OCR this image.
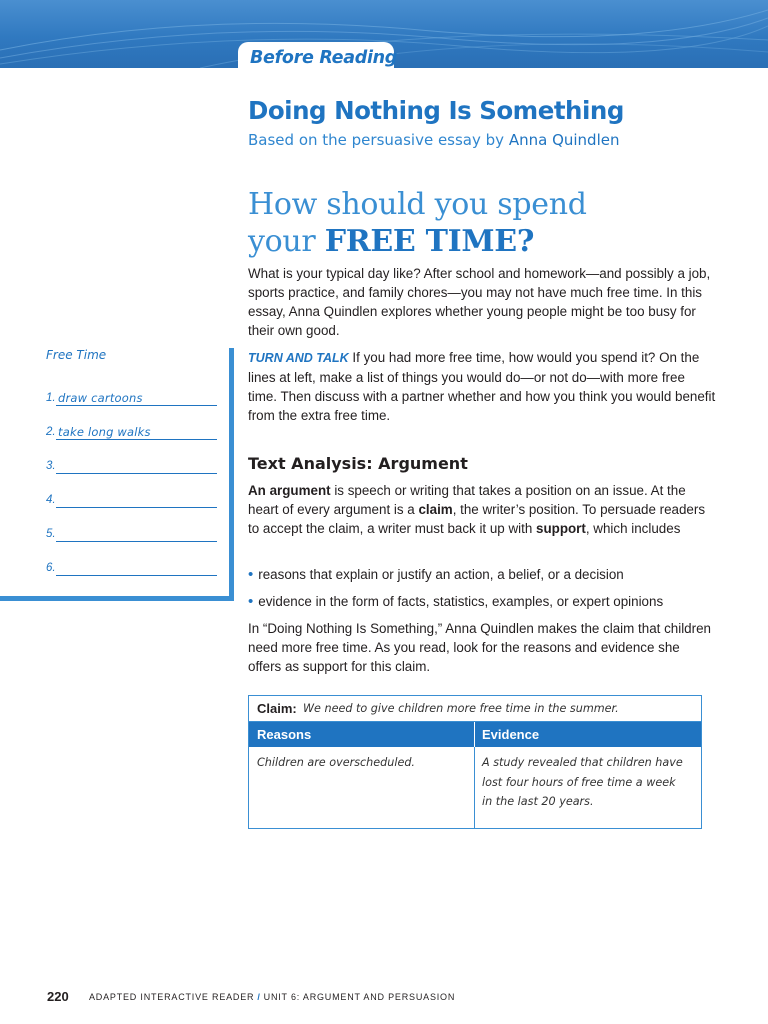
Before Reading
Doing Nothing Is Something
Based on the persuasive essay by Anna Quindlen
How should you spend
your FREE TIME?
What is your typical day like? After school and homework—and possibly a job, sports practice, and family chores—you may not have much free time. In this essay, Anna Quindlen explores whether young people might be too busy for their own good.
TURN AND TALK If you had more free time, how would you spend it? On the lines at left, make a list of things you would do—or not do—with more free time. Then discuss with a partner whether and how you think you would benefit from the extra free time.
Free Time
1. draw cartoons
2. take long walks
3.
4.
5.
6.
Text Analysis: Argument
An argument is speech or writing that takes a position on an issue. At the heart of every argument is a claim, the writer’s position. To persuade readers to accept the claim, a writer must back it up with support, which includes
• reasons that explain or justify an action, a belief, or a decision
• evidence in the form of facts, statistics, examples, or expert opinions
In “Doing Nothing Is Something,” Anna Quindlen makes the claim that children need more free time. As you read, look for the reasons and evidence she offers as support for this claim.
Claim: We need to give children more free time in the summer.
Reasons	Evidence
Children are overscheduled.	A study revealed that children have
lost four hours of free time a week
in the last 20 years.
220 ADAPTED INTERACTIVE READER / UNIT 6: ARGUMENT AND PERSUASION
